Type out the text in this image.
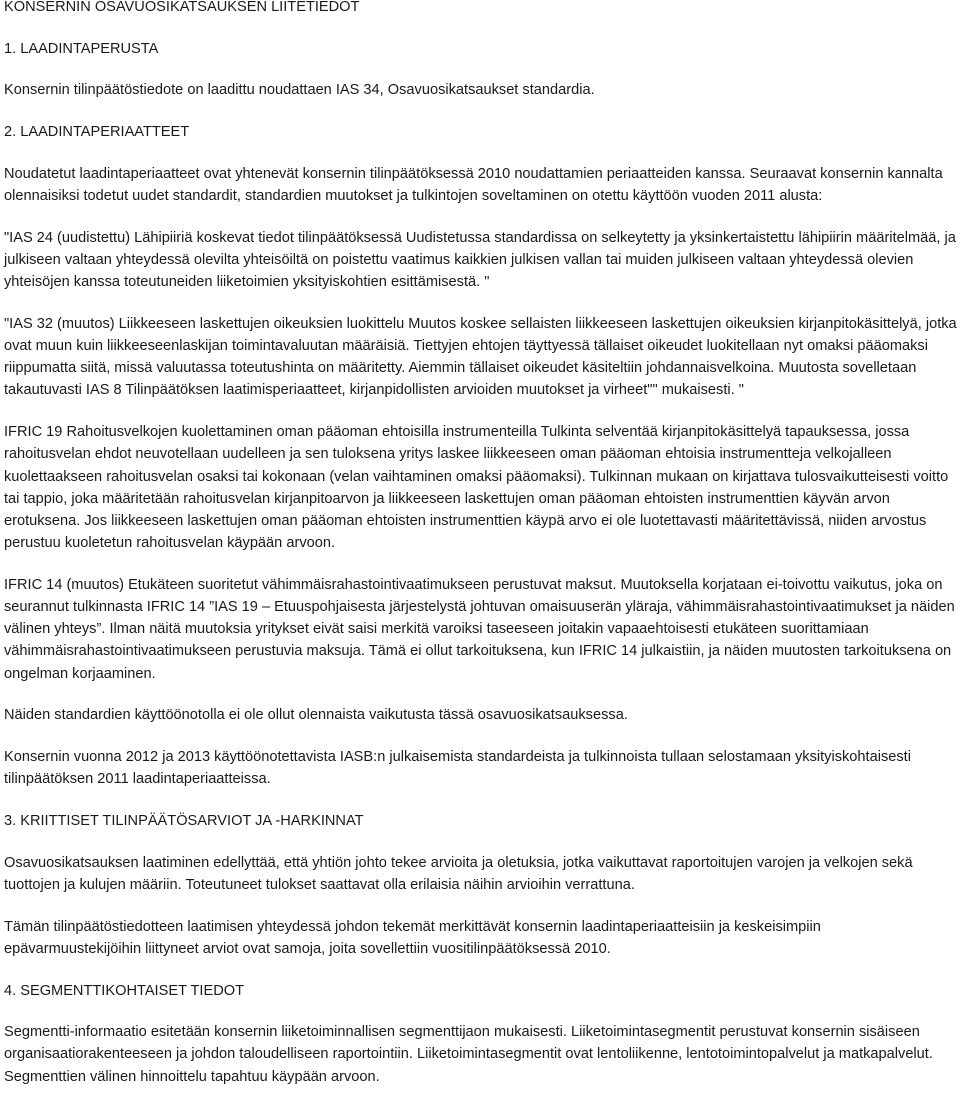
KONSERNIN OSAVUOSIKATSAUKSEN LIITETIEDOT
1. LAADINTAPERUSTA

Konsernin tilinpäätöstiedote on laadittu noudattaen IAS 34, Osavuosikatsaukset standardia.

2. LAADINTAPERIAATTEET

Noudatetut laadintaperiaatteet ovat yhtenevät konsernin tilinpäätöksessä 2010 noudattamien periaatteiden kanssa. Seuraavat konsernin kannalta olennaisiksi todetut uudet standardit, standardien muutokset ja tulkintojen soveltaminen on otettu käyttöön vuoden 2011 alusta:

"IAS 24 (uudistettu) Lähipiiriä koskevat tiedot tilinpäätöksessä Uudistetussa standardissa on selkeytetty ja yksinkertaistettu lähipiirin määritelmää, ja julkiseen valtaan yhteydessä olevilta yhteisöiltä on poistettu vaatimus kaikkien julkisen vallan tai muiden julkiseen valtaan yhteydessä olevien yhteisöjen kanssa toteutuneiden liiketoimien yksityiskohtien esittämisestä. "

"IAS 32 (muutos) Liikkeeseen laskettujen oikeuksien luokittelu Muutos koskee sellaisten liikkeeseen laskettujen oikeuksien kirjanpitokäsittelyä, jotka ovat muun kuin liikkeeseenlaskijan toimintavaluutan määräisiä. Tiettyjen ehtojen täyttyessä tällaiset oikeudet luokitellaan nyt omaksi pääomaksi riippumatta siitä, missä valuutassa toteutushinta on määritetty. Aiemmin tällaiset oikeudet käsiteltiin johdannaisvelkoina. Muutosta sovelletaan takautuvasti IAS 8 Tilinpäätöksen laatimisperiaatteet, kirjanpidollisten arvioiden muutokset ja virheet"" mukaisesti. "

IFRIC 19 Rahoitusvelkojen kuolettaminen oman pääoman ehtoisilla instrumenteilla Tulkinta selventää kirjanpitokäsittelyä tapauksessa, jossa rahoitusvelan ehdot neuvotellaan uudelleen ja sen tuloksena yritys laskee liikkeeseen oman pääoman ehtoisia instrumentteja velkojalleen kuolettaakseen rahoitusvelan osaksi tai kokonaan (velan vaihtaminen omaksi pääomaksi). Tulkinnan mukaan on kirjattava tulosvaikutteisesti voitto tai tappio, joka määritetään rahoitusvelan kirjanpitoarvon ja liikkeeseen laskettujen oman pääoman ehtoisten instrumenttien käyvän arvon erotuksena. Jos liikkeeseen laskettujen oman pääoman ehtoisten instrumenttien käypä arvo ei ole luotettavasti määritettävissä, niiden arvostus perustuu kuoletetun rahoitusvelan käypään arvoon.

IFRIC 14 (muutos) Etukäteen suoritetut vähimmäisrahastointivaatimukseen perustuvat maksut. Muutoksella korjataan ei-toivottu vaikutus, joka on seurannut tulkinnasta IFRIC 14 ”IAS 19 – Etuuspohjaisesta järjestelystä johtuvan omaisuuserän yläraja, vähimmäisrahastointivaatimukset ja näiden välinen yhteys”. Ilman näitä muutoksia yritykset eivät saisi merkitä varoiksi taseeseen joitakin vapaaehtoisesti etukäteen suorittamiaan vähimmäisrahastointivaatimukseen perustuvia maksuja. Tämä ei ollut tarkoituksena, kun IFRIC 14 julkaistiin, ja näiden muutosten tarkoituksena on ongelman korjaaminen.

Näiden standardien käyttöönotolla ei ole ollut olennaista vaikutusta tässä osavuosikatsauksessa.

Konsernin vuonna 2012 ja 2013 käyttöönotettavista IASB:n julkaisemista standardeista ja tulkinnoista tullaan selostamaan yksityiskohtaisesti tilinpäätöksen 2011 laadintaperiaatteissa.

3. KRIITTISET TILINPÄÄTÖSARVIOT JA -HARKINNAT

Osavuosikatsauksen laatiminen edellyttää, että yhtiön johto tekee arvioita ja oletuksia, jotka vaikuttavat raportoitujen varojen ja velkojen sekä tuottojen ja kulujen määriin. Toteutuneet tulokset saattavat olla erilaisia näihin arvioihin verrattuna.

Tämän tilinpäätöstiedotteen laatimisen yhteydessä johdon tekemät merkittävät konsernin laadintaperiaatteisiin ja keskeisimpiin epävarmuustekijöihin liittyneet arviot ovat samoja, joita sovellettiin vuositilinpäätöksessä 2010.

4. SEGMENTTIKOHTAISET TIEDOT

Segmentti-informaatio esitetään konsernin liiketoiminnallisen segmenttijaon mukaisesti. Liiketoimintasegmentit perustuvat konsernin sisäiseen organisaatiorakenteeseen ja johdon taloudelliseen raportointiin. Liiketoimintasegmentit ovat lentoliikenne, lentotoimintopalvelut ja matkapalvelut. Segmenttien välinen hinnoittelu tapahtuu käypään arvoon.
